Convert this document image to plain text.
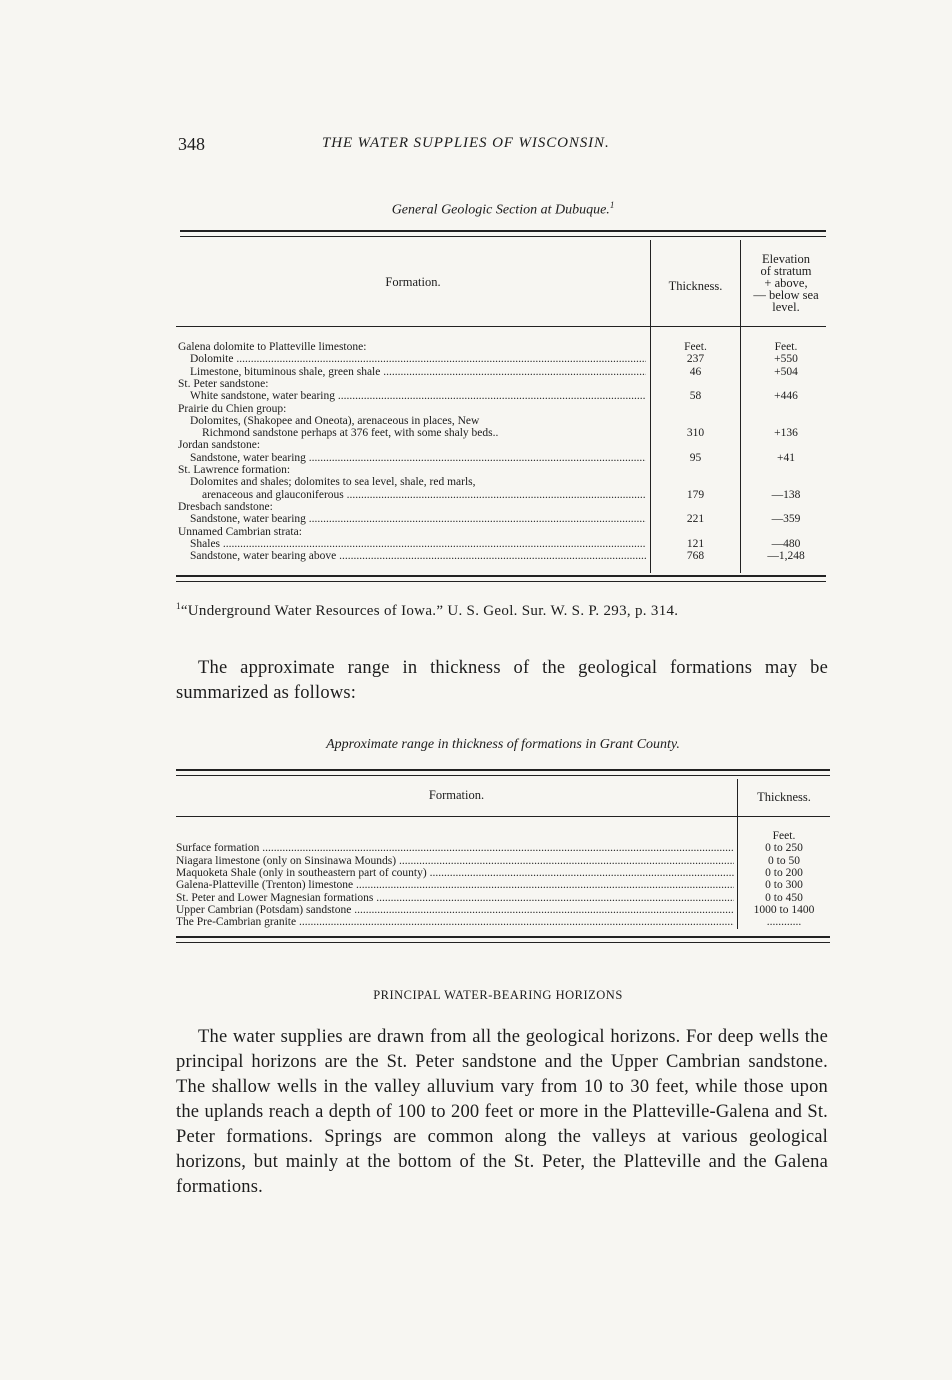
348	THE WATER SUPPLIES OF WISCONSIN.
General Geologic Section at Dubuque.$^1$
Formation.	Thickness.
Elevation
of stratum
+ above,
— below sea
level.
Galena dolomite to Platteville limestone:	Feet.	Feet.
Dolomite .....	237	+550
Limestone, bituminous shale, green shale .....	46	+504
St. Peter sandstone:
White sandstone, water bearing .....	58	+446
Prairie du Chien group:
Dolomites, (Shakopee and Oneota), arenaceous in places, New
Richmond sandstone perhaps at 376 feet, with some shaly beds..	310	+136
Jordan sandstone:
Sandstone, water bearing .....	95	+41
St. Lawrence formation:
Dolomites and shales; dolomites to sea level, shale, red marls,
arenaceous and glauconiferous .....	179	—138
Dresbach sandstone:
Sandstone, water bearing .....	221	—359
Unnamed Cambrian strata:
Shales .....	121	—480
Sandstone, water bearing above .....	768	—1,248
$^1$“Underground Water Resources of Iowa.” U. S. Geol. Sur. W. S. P. 293, p. 314.
The approximate range in thickness of the geological formations may be summarized as follows:
Approximate range in thickness of formations in Grant County.
Formation.	Thickness.
Feet.
Surface formation .....	0 to 250
Niagara limestone (only on Sinsinawa Mounds) .....	0 to 50
Maquoketa Shale (only in southeastern part of county) .....	0 to 200
Galena-Platteville (Trenton) limestone .....	0 to 300
St. Peter and Lower Magnesian formations .....	0 to 450
Upper Cambrian (Potsdam) sandstone .....	1000 to 1400
The Pre-Cambrian granite .....	............
PRINCIPAL WATER-BEARING HORIZONS
The water supplies are drawn from all the geological horizons. For deep wells the principal horizons are the St. Peter sandstone and the Upper Cambrian sandstone. The shallow wells in the valley alluvium vary from 10 to 30 feet, while those upon the uplands reach a depth of 100 to 200 feet or more in the Platteville-Galena and St. Peter formations. Springs are common along the valleys at various geological horizons, but mainly at the bottom of the St. Peter, the Platteville and the Galena formations.
